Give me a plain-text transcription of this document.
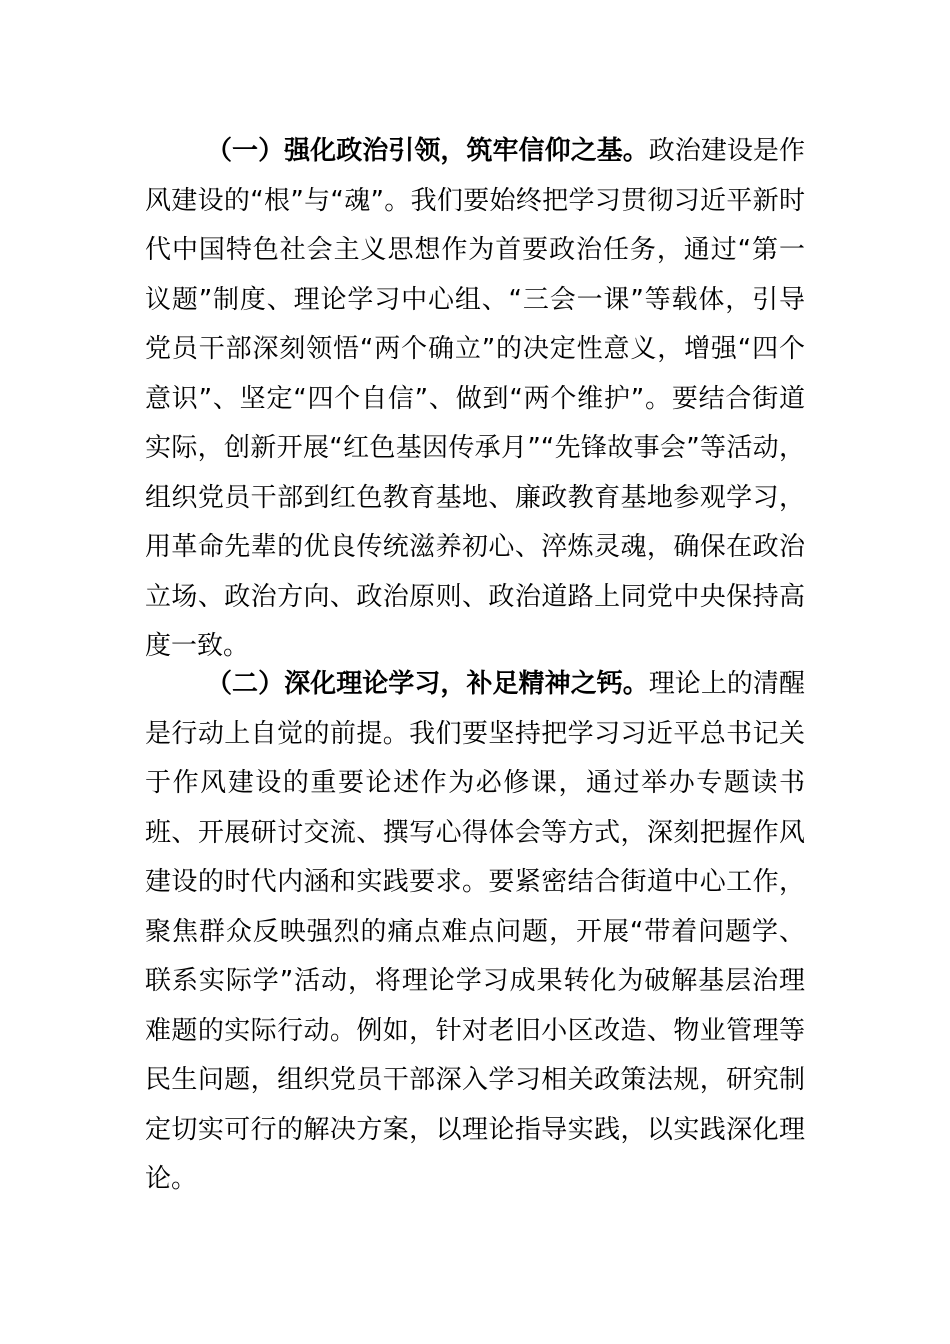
（一）强化政治引领，筑牢信仰之基。政治建设是作风建设的“根”与“魂”。我们要始终把学习贯彻习近平新时代中国特色社会主义思想作为首要政治任务，通过“第一议题”制度、理论学习中心组、“三会一课”等载体，引导党员干部深刻领悟“两个确立”的决定性意义，增强“四个意识”、坚定“四个自信”、做到“两个维护”。要结合街道实际，创新开展“红色基因传承月”“先锋故事会”等活动，组织党员干部到红色教育基地、廉政教育基地参观学习，用革命先辈的优良传统滋养初心、淬炼灵魂，确保在政治立场、政治方向、政治原则、政治道路上同党中央保持高度一致。

（二）深化理论学习，补足精神之钙。理论上的清醒是行动上自觉的前提。我们要坚持把学习习近平总书记关于作风建设的重要论述作为必修课，通过举办专题读书班、开展研讨交流、撰写心得体会等方式，深刻把握作风建设的时代内涵和实践要求。要紧密结合街道中心工作，聚焦群众反映强烈的痛点难点问题，开展“带着问题学、联系实际学”活动，将理论学习成果转化为破解基层治理难题的实际行动。例如，针对老旧小区改造、物业管理等民生问题，组织党员干部深入学习相关政策法规，研究制定切实可行的解决方案，以理论指导实践，以实践深化理论。
